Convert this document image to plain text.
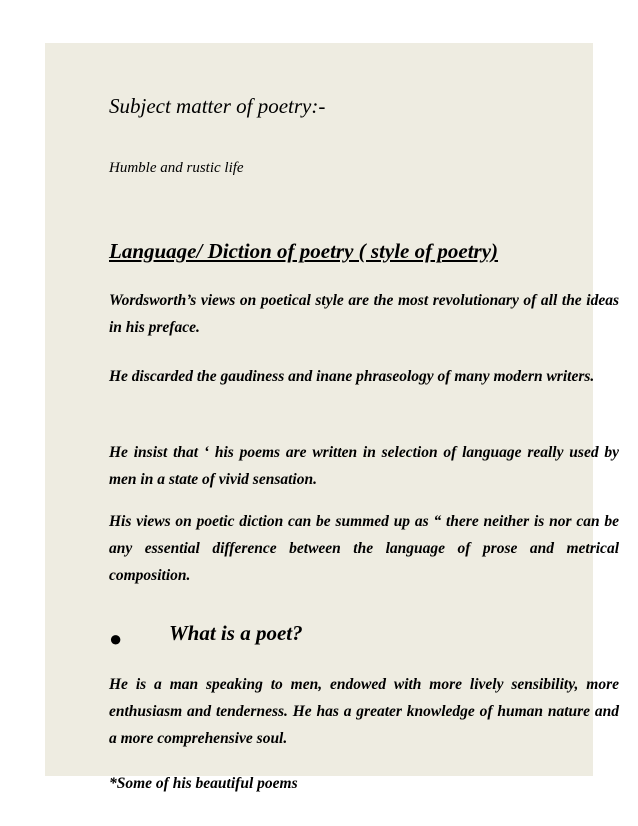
Subject matter of poetry:-
Humble and rustic life
Language/ Diction of poetry ( style of poetry)
Wordsworth’s views on poetical style are the most revolutionary of all the ideas in his preface.
He discarded the gaudiness and inane phraseology of many modern writers.
He insist that ‘ his poems are written in selection of language really used by men in a state of vivid sensation.
His views on poetic diction can be summed up as “ there neither is nor can be any essential difference between the language of prose and metrical composition.
● What is a poet?
He is a man speaking to men, endowed with more lively sensibility, more enthusiasm and tenderness. He has a greater knowledge of human nature and a more comprehensive soul.
*Some of his beautiful poems
